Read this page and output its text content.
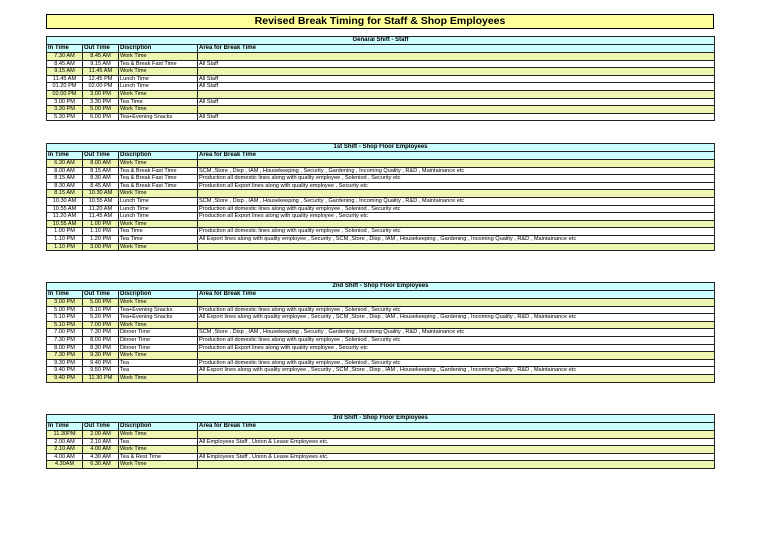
Revised Break Timing for Staff & Shop Employees
Genaral Shift - Staff			
In Time	Out Time	Discription	Area for Break Time
7.30 AM	8.45 AM	Work Time	
8.45 AM	9.15 AM	Tea & Break Fast Time	All Staff
9.15 AM	11.45 AM	Work Time	
11.45 AM	12.45 PM	Lunch Time	All Staff
01.20 PM	02.00 PM	Lunch Time	All Staff
02.00 PM	3.00 PM	Work Time	
3.00 PM	3.30 PM	Tea Time	All Staff
3.30 PM	5.00 PM	Work Time	
5.30 PM	6.00 PM	Tea+Evening Snacks	All Staff
1st Shift - Shop Floor Employees			
In Time	Out Time	Discription	Area for Break Time
6.30 AM	8.00 AM	Work Time	
8.00 AM	8.15 AM	Tea & Break Fast Time	SCM ,Store , Disp , IAM , Housekeeping , Security , Gardening , Incoming Quality , R&D , Maintainance etc
8.15 AM	8.30 AM	Tea & Break Fast Time	Production all domestic lines along with quality employee , Soleniod , Security etc
8.30 AM	8.45 AM	Tea & Break Fast Time	Production all Export lines along with quality employee , Security etc
8.15 AM	10.30 AM	Work Time	
10.30 AM	10.55 AM	Lunch Time	SCM ,Store , Disp , IAM , Housekeeping , Security , Gardening , Incoming Quality , R&D , Maintainance etc
10.55 AM	11.20 AM	Lunch Time	Production all domestic lines along with quality employee , Soleniod , Security etc
11.20 AM	11.45 AM	Lunch Time	Production all Export lines along with quality employee , Security etc
10.55 AM	1.00 PM	Work Time	
1.00 PM	1.10 PM	Tea Time	Production all domestic lines along with quality employee , Soleniod , Security etc
1.10 PM	1.20 PM	Tea Time	All Export lines along with quality employee , Security , SCM ,Store , Disp , IAM , Housekeeping , Gardening , Incoming Quality , R&D , Maintainance etc
1.10 PM	3.00 PM	Work Time	
2nd Shift - Shop Floor Employees			
In Time	Out Time	Discription	Area for Break Time
3.00 PM	5.00 PM	Work Time	
5.00 PM	5.10 PM	Tea+Evening Snacks	Production all domestic lines along with quality employee , Soleniod , Security etc
5.10 PM	5.20 PM	Tea+Evening Snacks	All Export lines along with quality employee , Security , SCM ,Store , Disp , IAM , Housekeeping , Gardening , Incoming Quality , R&D , Maintainance etc
5.10 PM	7.00 PM	Work Time	
7.00 PM	7.30 PM	Dinner Time	SCM ,Store , Disp , IAM , Housekeeping , Security , Gardening , Incoming Quality , R&D , Maintainance etc
7.30 PM	8.00 PM	Dinner Time	Production all domestic lines along with quality employee , Soleniod , Security etc
8.00 PM	8.30 PM	Dinner Time	Production all Export lines along with quality employee , Security etc
7.30 PM	9.30 PM	Work Time	
9.30 PM	9.40 PM	Tea	Production all domestic lines along with quality employee , Soleniod , Security etc
9.40 PM	9.50 PM	Tea	All Export lines along with quality employee , Security , SCM ,Store , Disp , IAM , Housekeeping , Gardening , Incoming Quality , R&D , Maintainance etc
9.40 PM	11.30 PM	Work Time	
3rd Shift - Shop Floor Employees			
In Time	Out Time	Discription	Area for Break Time
11.30PM	2.00 AM	Work Time	
2.00 AM	2.10 AM	Tea	All Employees Staff , Union & Lease Employees etc.
2.10 AM	4.00 AM	Work Time	
4.00 AM	4.30 AM	Tea & Rest Time	All Employees Staff , Union & Lease Employees etc.
4.30AM	6.30 AM	Work Time	
